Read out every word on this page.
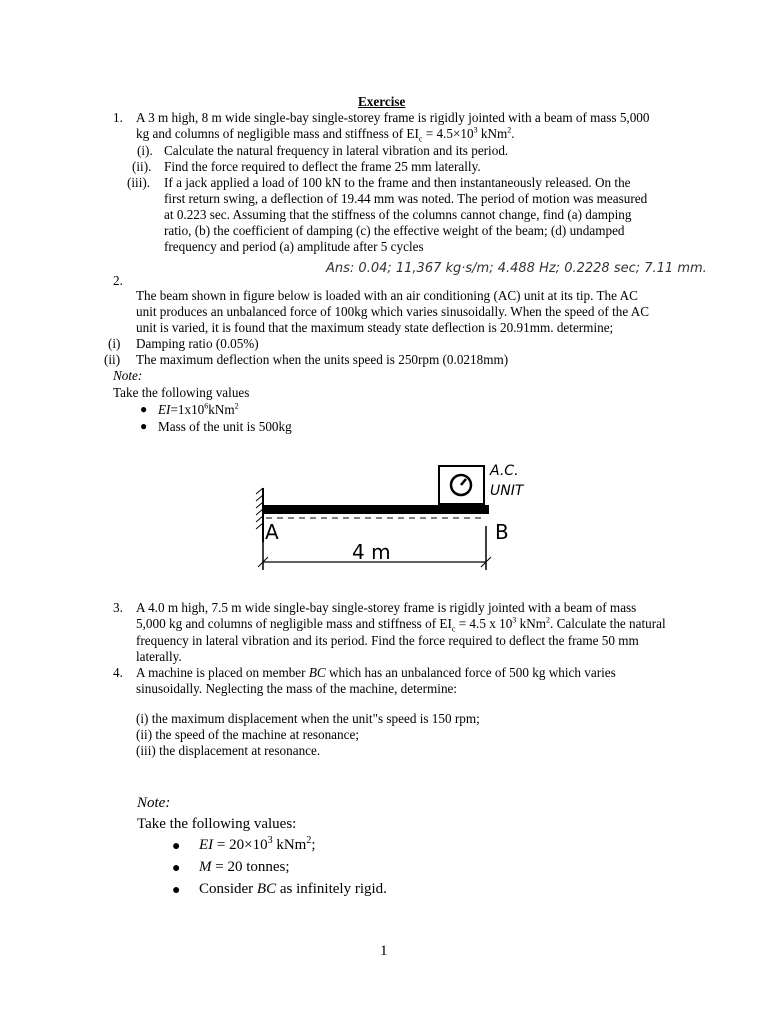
Exercise
1. A 3 m high, 8 m wide single-bay single-storey frame is rigidly jointed with a beam of mass 5,000
kg and columns of negligible mass and stiffness of $EI_c = 4.5\times 10^3$ kNm$^2$.
(i). Calculate the natural frequency in lateral vibration and its period.
(ii). Find the force required to deflect the frame 25 mm laterally.
(iii). If a jack applied a load of 100 kN to the frame and then instantaneously released. On the
first return swing, a deflection of 19.44 mm was noted. The period of motion was measured
at 0.223 sec. Assuming that the stiffness of the columns cannot change, find (a) damping
ratio, (b) the coefficient of damping (c) the effective weight of the beam; (d) undamped
frequency and period (a) amplitude after 5 cycles
Ans: 0.04; 11,367 kg·s/m; 4.488 Hz; 0.2228 sec; 7.11 mm.
2.
The beam shown in figure below is loaded with an air conditioning (AC) unit at its tip. The AC
unit produces an unbalanced force of 100kg which varies sinusoidally. When the speed of the AC
unit is varied, it is found that the maximum steady state deflection is 20.91mm. determine;
(i) Damping ratio (0.05%)
(ii) The maximum deflection when the units speed is 250rpm (0.0218mm)
Note:
Take the following values
● $EI=1x10^6kNm^2$
● Mass of the unit is 500kg
A.C.
UNIT
A	B
4 m
3. A 4.0 m high, 7.5 m wide single-bay single-storey frame is rigidly jointed with a beam of mass
5,000 kg and columns of negligible mass and stiffness of $EI_c = 4.5$ x $10^3$ kNm$^2$. Calculate the natural
frequency in lateral vibration and its period. Find the force required to deflect the frame 50 mm
laterally.
4. A machine is placed on member BC which has an unbalanced force of 500 kg which varies
sinusoidally. Neglecting the mass of the machine, determine:
(i) the maximum displacement when the unit"s speed is 150 rpm;
(ii) the speed of the machine at resonance;
(iii) the displacement at resonance.
Note:
Take the following values:
● EI = $20\times 10^3$ kNm$^2$;
● M = 20 tonnes;
● Consider BC as infinitely rigid.
1
